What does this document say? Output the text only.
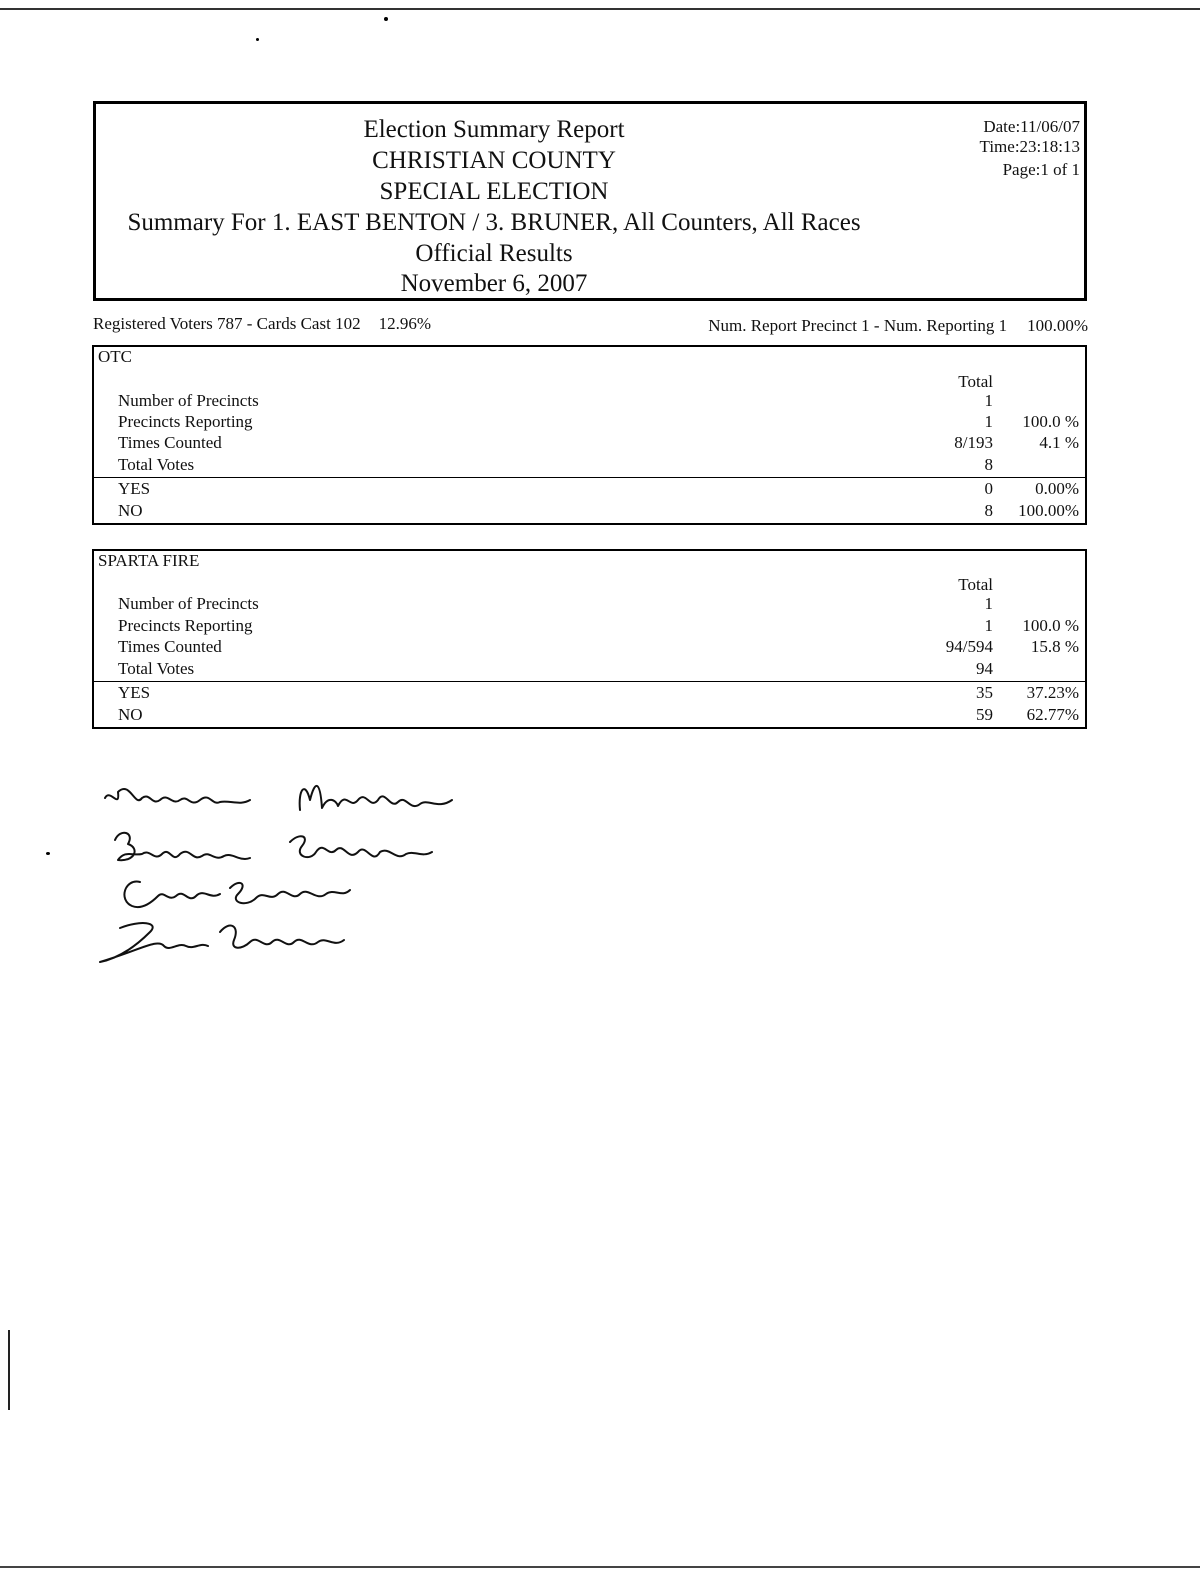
Election Summary Report
CHRISTIAN COUNTY
SPECIAL ELECTION
Summary For 1. EAST BENTON / 3. BRUNER, All Counters, All Races
Official Results
November 6, 2007
Date:11/06/07
Time:23:18:13
Page:1 of 1
Registered Voters 787 - Cards Cast 102 12.96%	Num. Report Precinct 1 - Num. Reporting 1 100.00%
OTC
Total
Number of Precincts	1
Precincts Reporting	1 100.0 %
Times Counted	8/193	4.1 %
Total Votes	8
YES	0 0.00%
NO	8 100.00%
SPARTA FIRE
Total
Number of Precincts	1
Precincts Reporting	1 100.0 %
Times Counted	94/594 15.8 %
Total Votes	94
YES	35 37.23%
NO	59 62.77%
